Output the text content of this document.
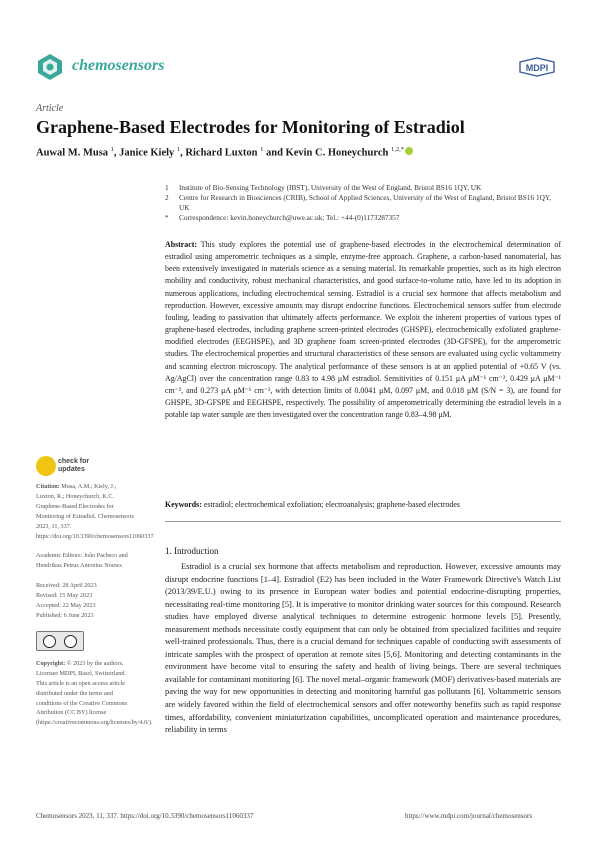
chemosensors	MDPI
Article
Graphene-Based Electrodes for Monitoring of Estradiol
Auwal M. Musa $^1$, Janice Kiely $^1$, Richard Luxton $^1$ and Kevin C. Honeychurch $^{1,2,*}$
1	Institute of Bio-Sensing Technology (IBST), University of the West of England, Bristol BS16 1QY, UK
2	Centre for Research in Biosciences (CRIB), School of Applied Sciences, University of the West of England, Bristol BS16 1QY, UK
*	Correspondence: kevin.honeychurch@uwe.ac.uk; Tel.: +44-(0)1173287357
Abstract: This study explores the potential use of graphene-based electrodes in the electrochemical determination of estradiol using amperometric techniques as a simple, enzyme-free approach. Graphene, a carbon-based nanomaterial, has been extensively investigated in materials science as a sensing material. Its remarkable properties, such as its high electron mobility and conductivity, robust mechanical characteristics, and good surface-to-volume ratio, have led to its adoption in numerous applications, including electrochemical sensing. Estradiol is a crucial sex hormone that affects metabolism and reproduction. However, excessive amounts may disrupt endocrine functions. Electrochemical sensors suffer from electrode fouling, leading to passivation that ultimately affects performance. We exploit the inherent properties of various types of graphene-based electrodes, including graphene screen-printed electrodes (GHSPE), electrochemically exfoliated graphene-modified electrodes (EEGHSPE), and 3D graphene foam screen-printed electrodes (3D-GFSPE), for the amperometric studies. The electrochemical properties and structural characteristics of these sensors are evaluated using cyclic voltammetry and scanning electron microscopy. The analytical performance of these sensors is at an applied potential of +0.65 V (vs. Ag/AgCl) over the concentration range 0.83 to 4.98 μM estradiol. Sensitivities of 0.151 μA μM⁻¹ cm⁻², 0.429 μA μM⁻¹ cm⁻², and 0.273 μA μM⁻¹ cm⁻², with detection limits of 0.0041 μM, 0.097 μM, and 0.018 μM (S/N = 3), are found for GHSPE, 3D-GFSPE and EEGHSPE, respectively. The possibility of amperometrically determining the estradiol levels in a potable tap water sample are then investigated over the concentration range 0.83–4.98 μM.
Keywords: estradiol; electrochemical exfoliation; electroanalysis; graphene-based electrodes
1. Introduction
Estradiol is a crucial sex hormone that affects metabolism and reproduction. However, excessive amounts may disrupt endocrine functions [1–4]. Estradiol (E2) has been included in the Water Framework Directive's Watch List (2013/39/E.U.) owing to its presence in European water bodies and potential endocrine-disrupting properties, necessitating real-time monitoring [5]. It is imperative to monitor drinking water sources for this compound. Research studies have employed diverse analytical techniques to determine estrogenic hormone levels [5]. Presently, measurement methods necessitate costly equipment that can only be obtained from specialized facilities and require well-trained professionals. Thus, there is a crucial demand for techniques capable of conducting swift assessments of intricate samples with the prospect of operation at remote sites [5,6]. Monitoring and detecting contaminants in the environment have become vital to ensuring the safety and health of living beings. There are several techniques available for contaminant monitoring [6]. The novel metal–organic framework (MOF) derivatives-based materials are paving the way for new opportunities in detecting and monitoring harmful gas pollutants [6]. Voltammetric sensors are widely favored within the field of electrochemical sensors and offer noteworthy benefits such as rapid response times, affordability, convenient miniaturization capabilities, uncomplicated operation and maintenance procedures, reliability in terms
check for
updates
Citation: Musa, A.M.; Kiely, J.; Luxton, R.; Honeychurch, K.C. Graphene-Based Electrodes for Monitoring of Estradiol. Chemosensors 2023, 11, 337. https://doi.org/10.3390/chemosensors11060337
Academic Editors: João Pacheco and Hendrikus Petrus Antonius Nouws
Received: 28 April 2023
Revised: 15 May 2023
Accepted: 22 May 2023
Published: 6 June 2023
Copyright: © 2023 by the authors. Licensee MDPI, Basel, Switzerland. This article is an open access article distributed under the terms and conditions of the Creative Commons Attribution (CC BY) license (https://creativecommons.org/licenses/by/4.0/).
Chemosensors 2023, 11, 337. https://doi.org/10.3390/chemosensors11060337	https://www.mdpi.com/journal/chemosensors
